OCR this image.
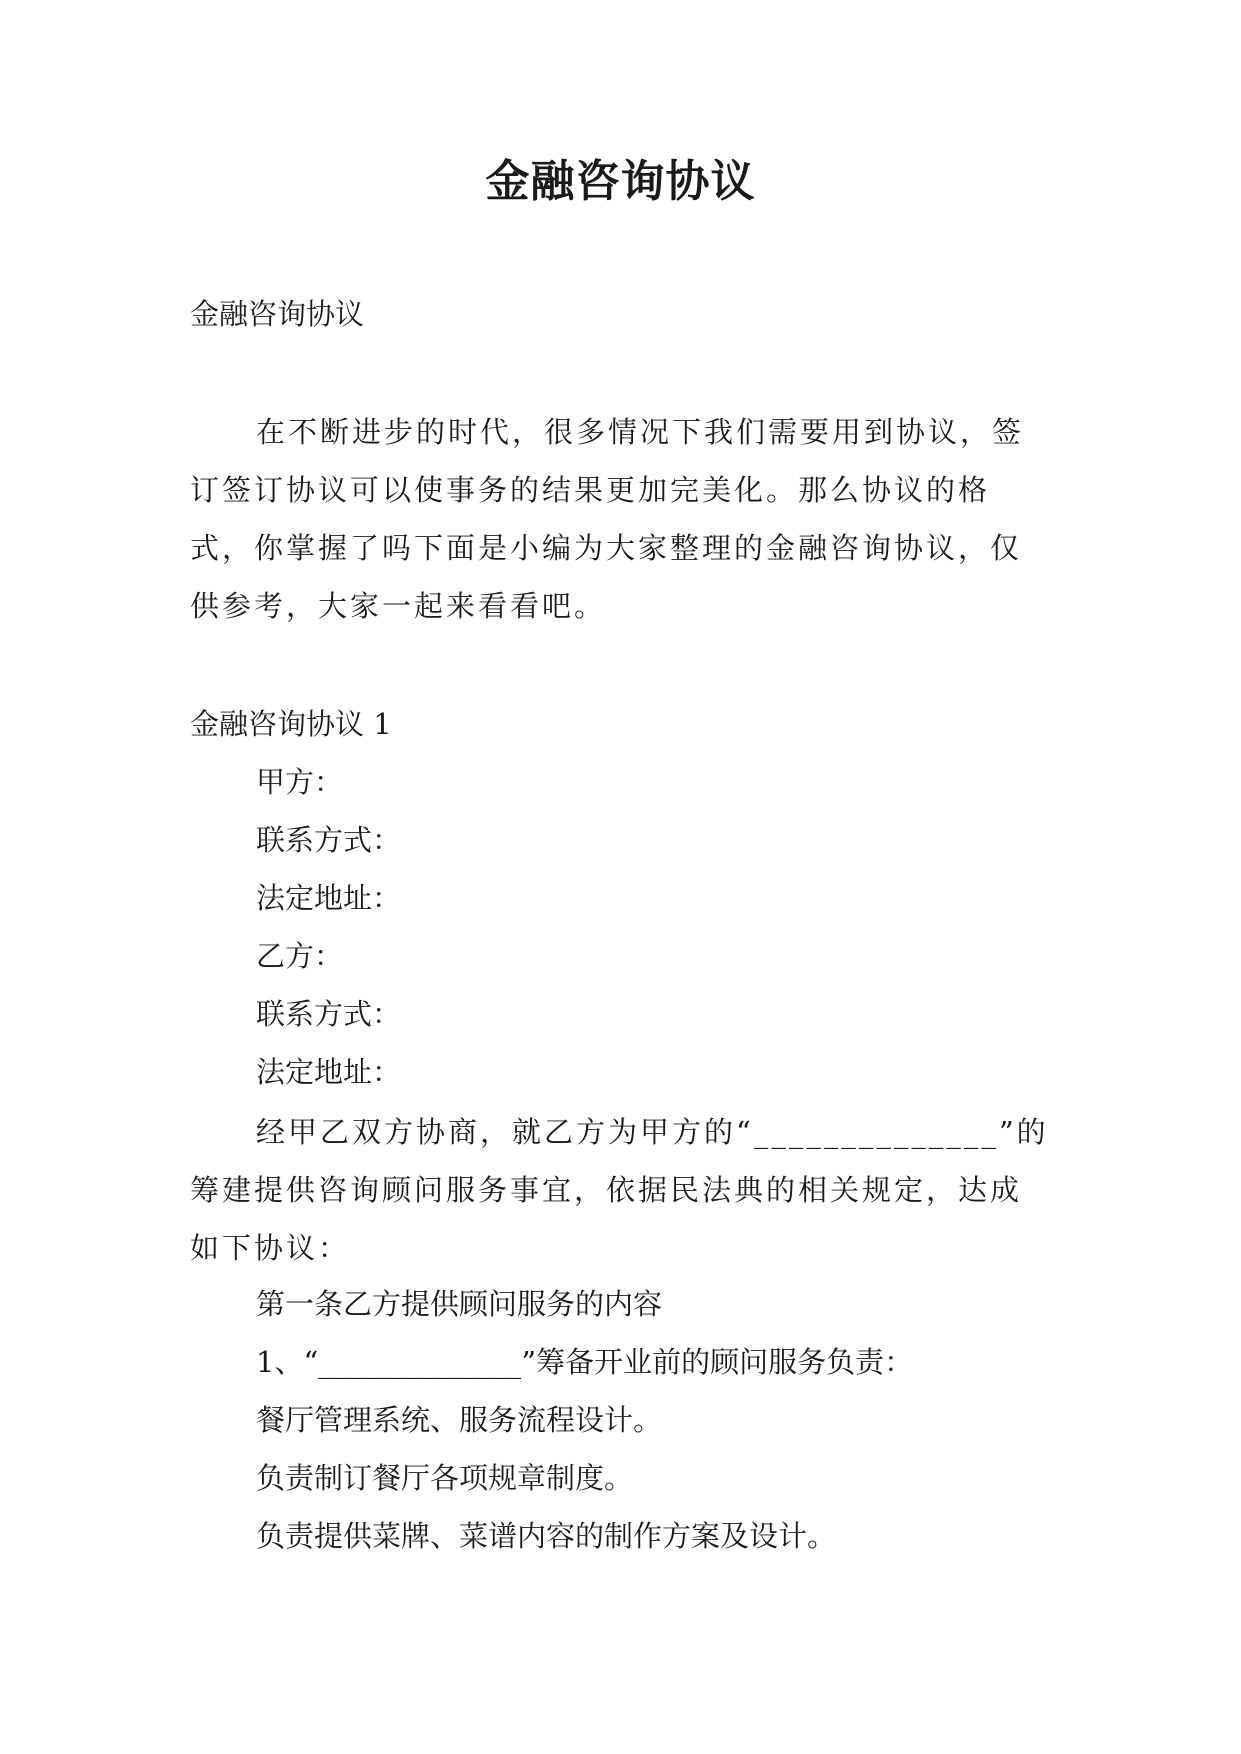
金融咨询协议
金融咨询协议
在不断进步的时代，很多情况下我们需要用到协议，签订签订协议可以使事务的结果更加完美化。那么协议的格式，你掌握了吗下面是小编为大家整理的金融咨询协议，仅供参考，大家一起来看看吧。
金融咨询协议 1
甲方：
联系方式：
法定地址：
乙方：
联系方式：
法定地址：
经甲乙双方协商，就乙方为甲方的“______________”的筹建提供咨询顾问服务事宜，依据民法典的相关规定，达成如下协议：
第一条乙方提供顾问服务的内容
1、“______________”筹备开业前的顾问服务负责：
餐厅管理系统、服务流程设计。
负责制订餐厅各项规章制度。
负责提供菜牌、菜谱内容的制作方案及设计。
